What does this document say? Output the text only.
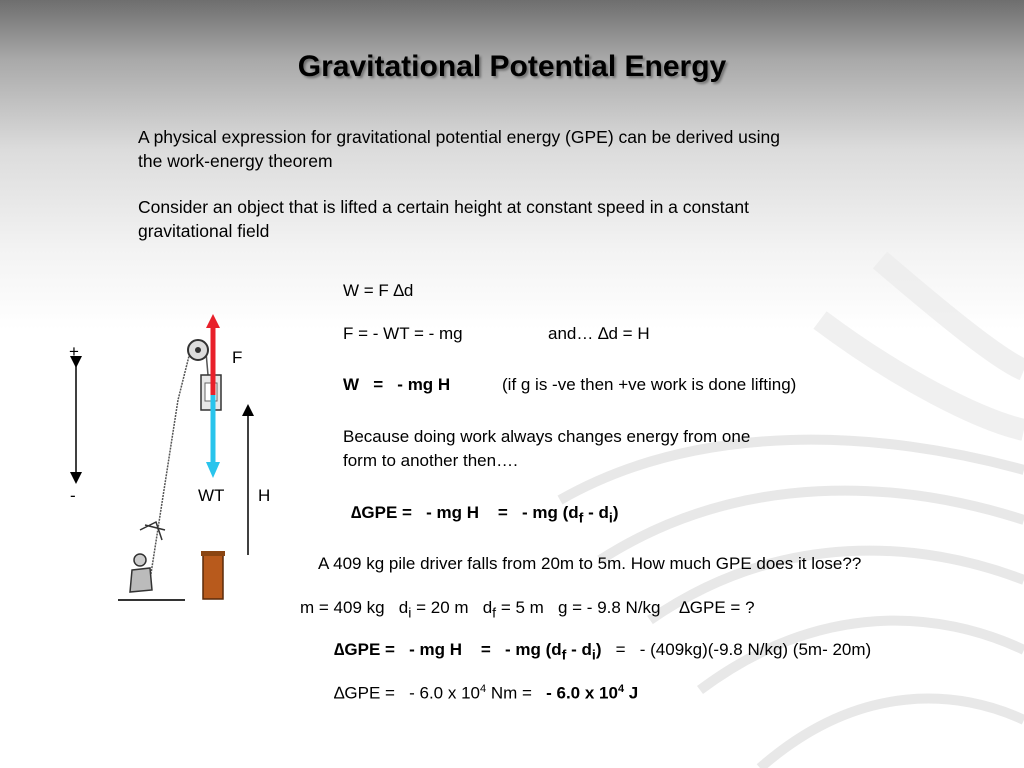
Gravitational Potential Energy
A physical expression for gravitational potential energy (GPE) can be derived using
the work-energy theorem
Consider an object that is lifted a certain height at constant speed in a constant
gravitational field
W = F ∆d
F = - WT = - mg	and… ∆d = H
W   =   - mg H	(if g is -ve then +ve work is done lifting)
Because doing work always changes energy from one
form to another then….
∆GPE =   - mg H    =   - mg $(d_f - d_i)$
A 409 kg pile driver falls from 20m to 5m. How much GPE does it lose??
m = 409 kg   $d_i = 20$ m   $d_f = 5$ m   g = - 9.8 N/kg    ∆GPE = ?
∆GPE =   - mg H    =   - mg $(d_f - d_i)$   =   - (409kg)(-9.8 N/kg) (5m- 20m)
∆GPE =   - 6.0 x $10^4$ Nm =   - 6.0 x $10^4$ J
+
-
F
WT H
